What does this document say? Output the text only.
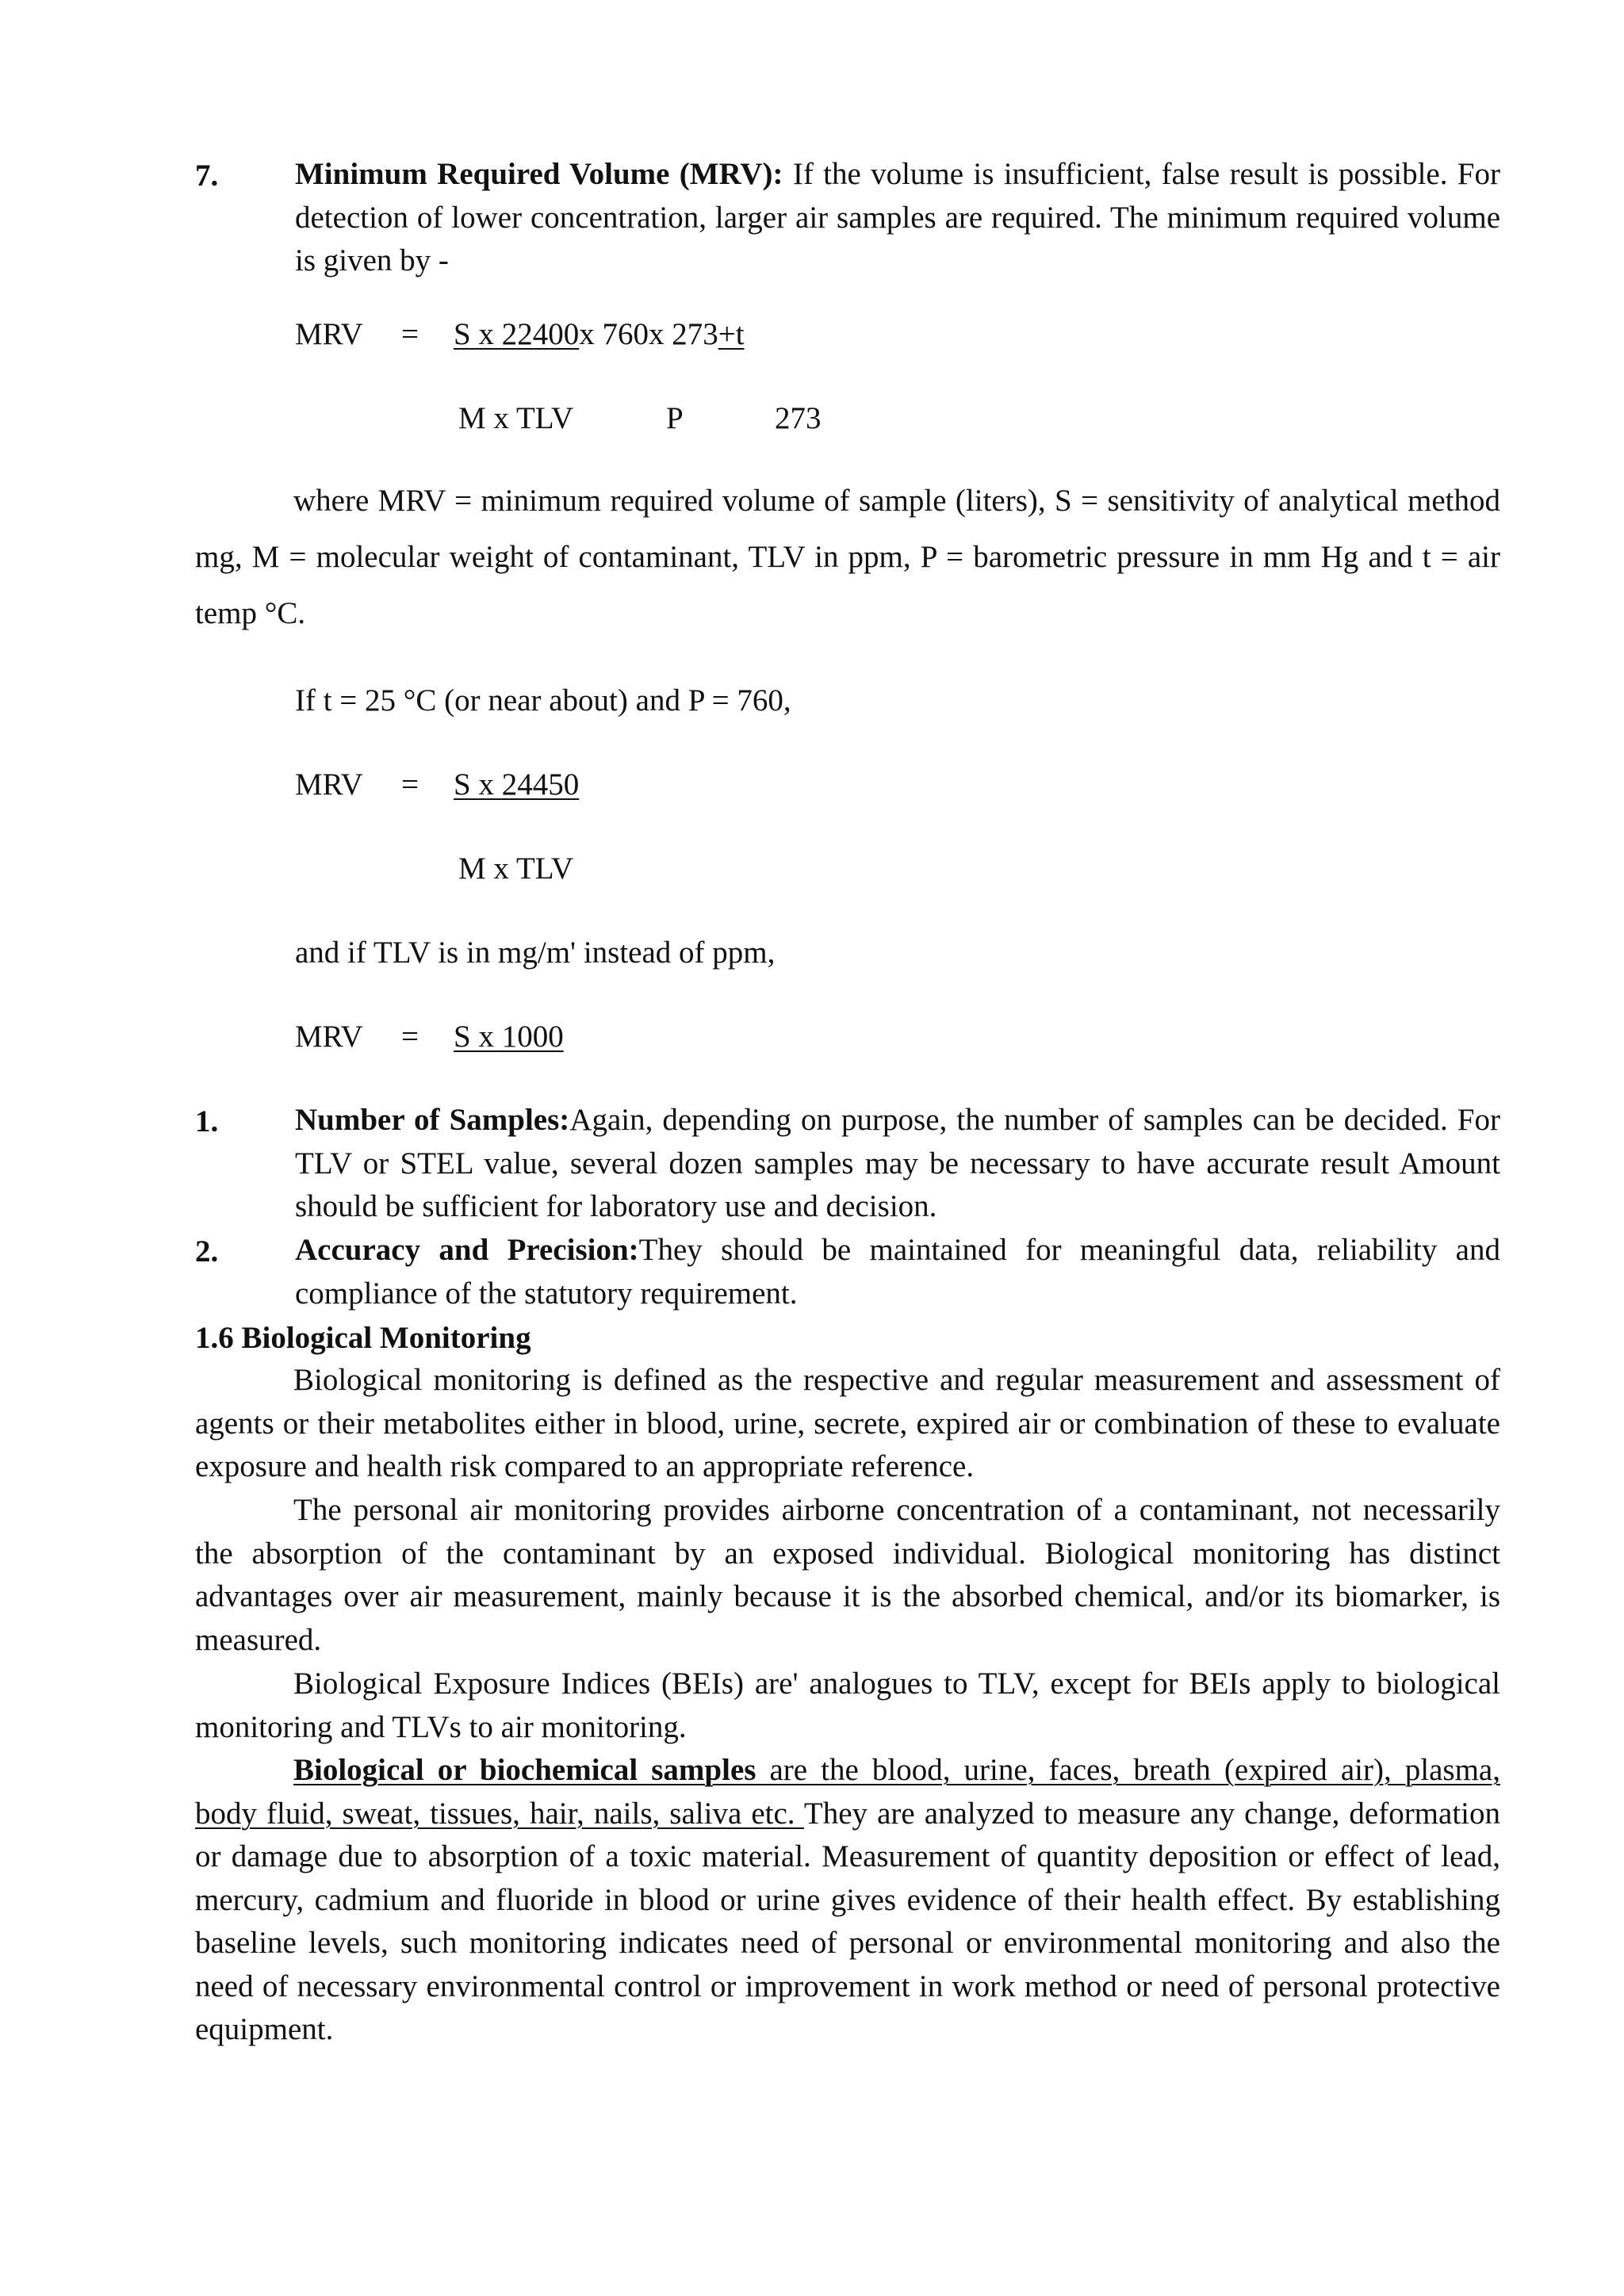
7. Minimum Required Volume (MRV): If the volume is insufficient, false result is possible. For detection of lower concentration, larger air samples are required. The minimum required volume is given by -
MRV = S x 22400x 760x 273+t
M x TLV	P	273
where MRV = minimum required volume of sample (liters), S = sensitivity of analytical method mg, M = molecular weight of contaminant, TLV in ppm, P = barometric pressure in mm Hg and t = air temp °C.
If t = 25 °C (or near about) and P = 760,
MRV = S x 24450
M x TLV
and if TLV is in mg/m' instead of ppm,
MRV = S x 1000
1. Number of Samples:Again, depending on purpose, the number of samples can be decided. For TLV or STEL value, several dozen samples may be necessary to have accurate result Amount should be sufficient for laboratory use and decision.
2. Accuracy and Precision:They should be maintained for meaningful data, reliability and compliance of the statutory requirement.
1.6 Biological Monitoring
Biological monitoring is defined as the respective and regular measurement and assessment of agents or their metabolites either in blood, urine, secrete, expired air or combination of these to evaluate exposure and health risk compared to an appropriate reference.
The personal air monitoring provides airborne concentration of a contaminant, not necessarily the absorption of the contaminant by an exposed individual. Biological monitoring has distinct advantages over air measurement, mainly because it is the absorbed chemical, and/or its biomarker, is measured.
Biological Exposure Indices (BEIs) are' analogues to TLV, except for BEIs apply to biological monitoring and TLVs to air monitoring.
Biological or biochemical samples are the blood, urine, faces, breath (expired air), plasma, body fluid, sweat, tissues, hair, nails, saliva etc. They are analyzed to measure any change, deformation or damage due to absorption of a toxic material. Measurement of quantity deposition or effect of lead, mercury, cadmium and fluoride in blood or urine gives evidence of their health effect. By establishing baseline levels, such monitoring indicates need of personal or environmental monitoring and also the need of necessary environmental control or improvement in work method or need of personal protective equipment.
